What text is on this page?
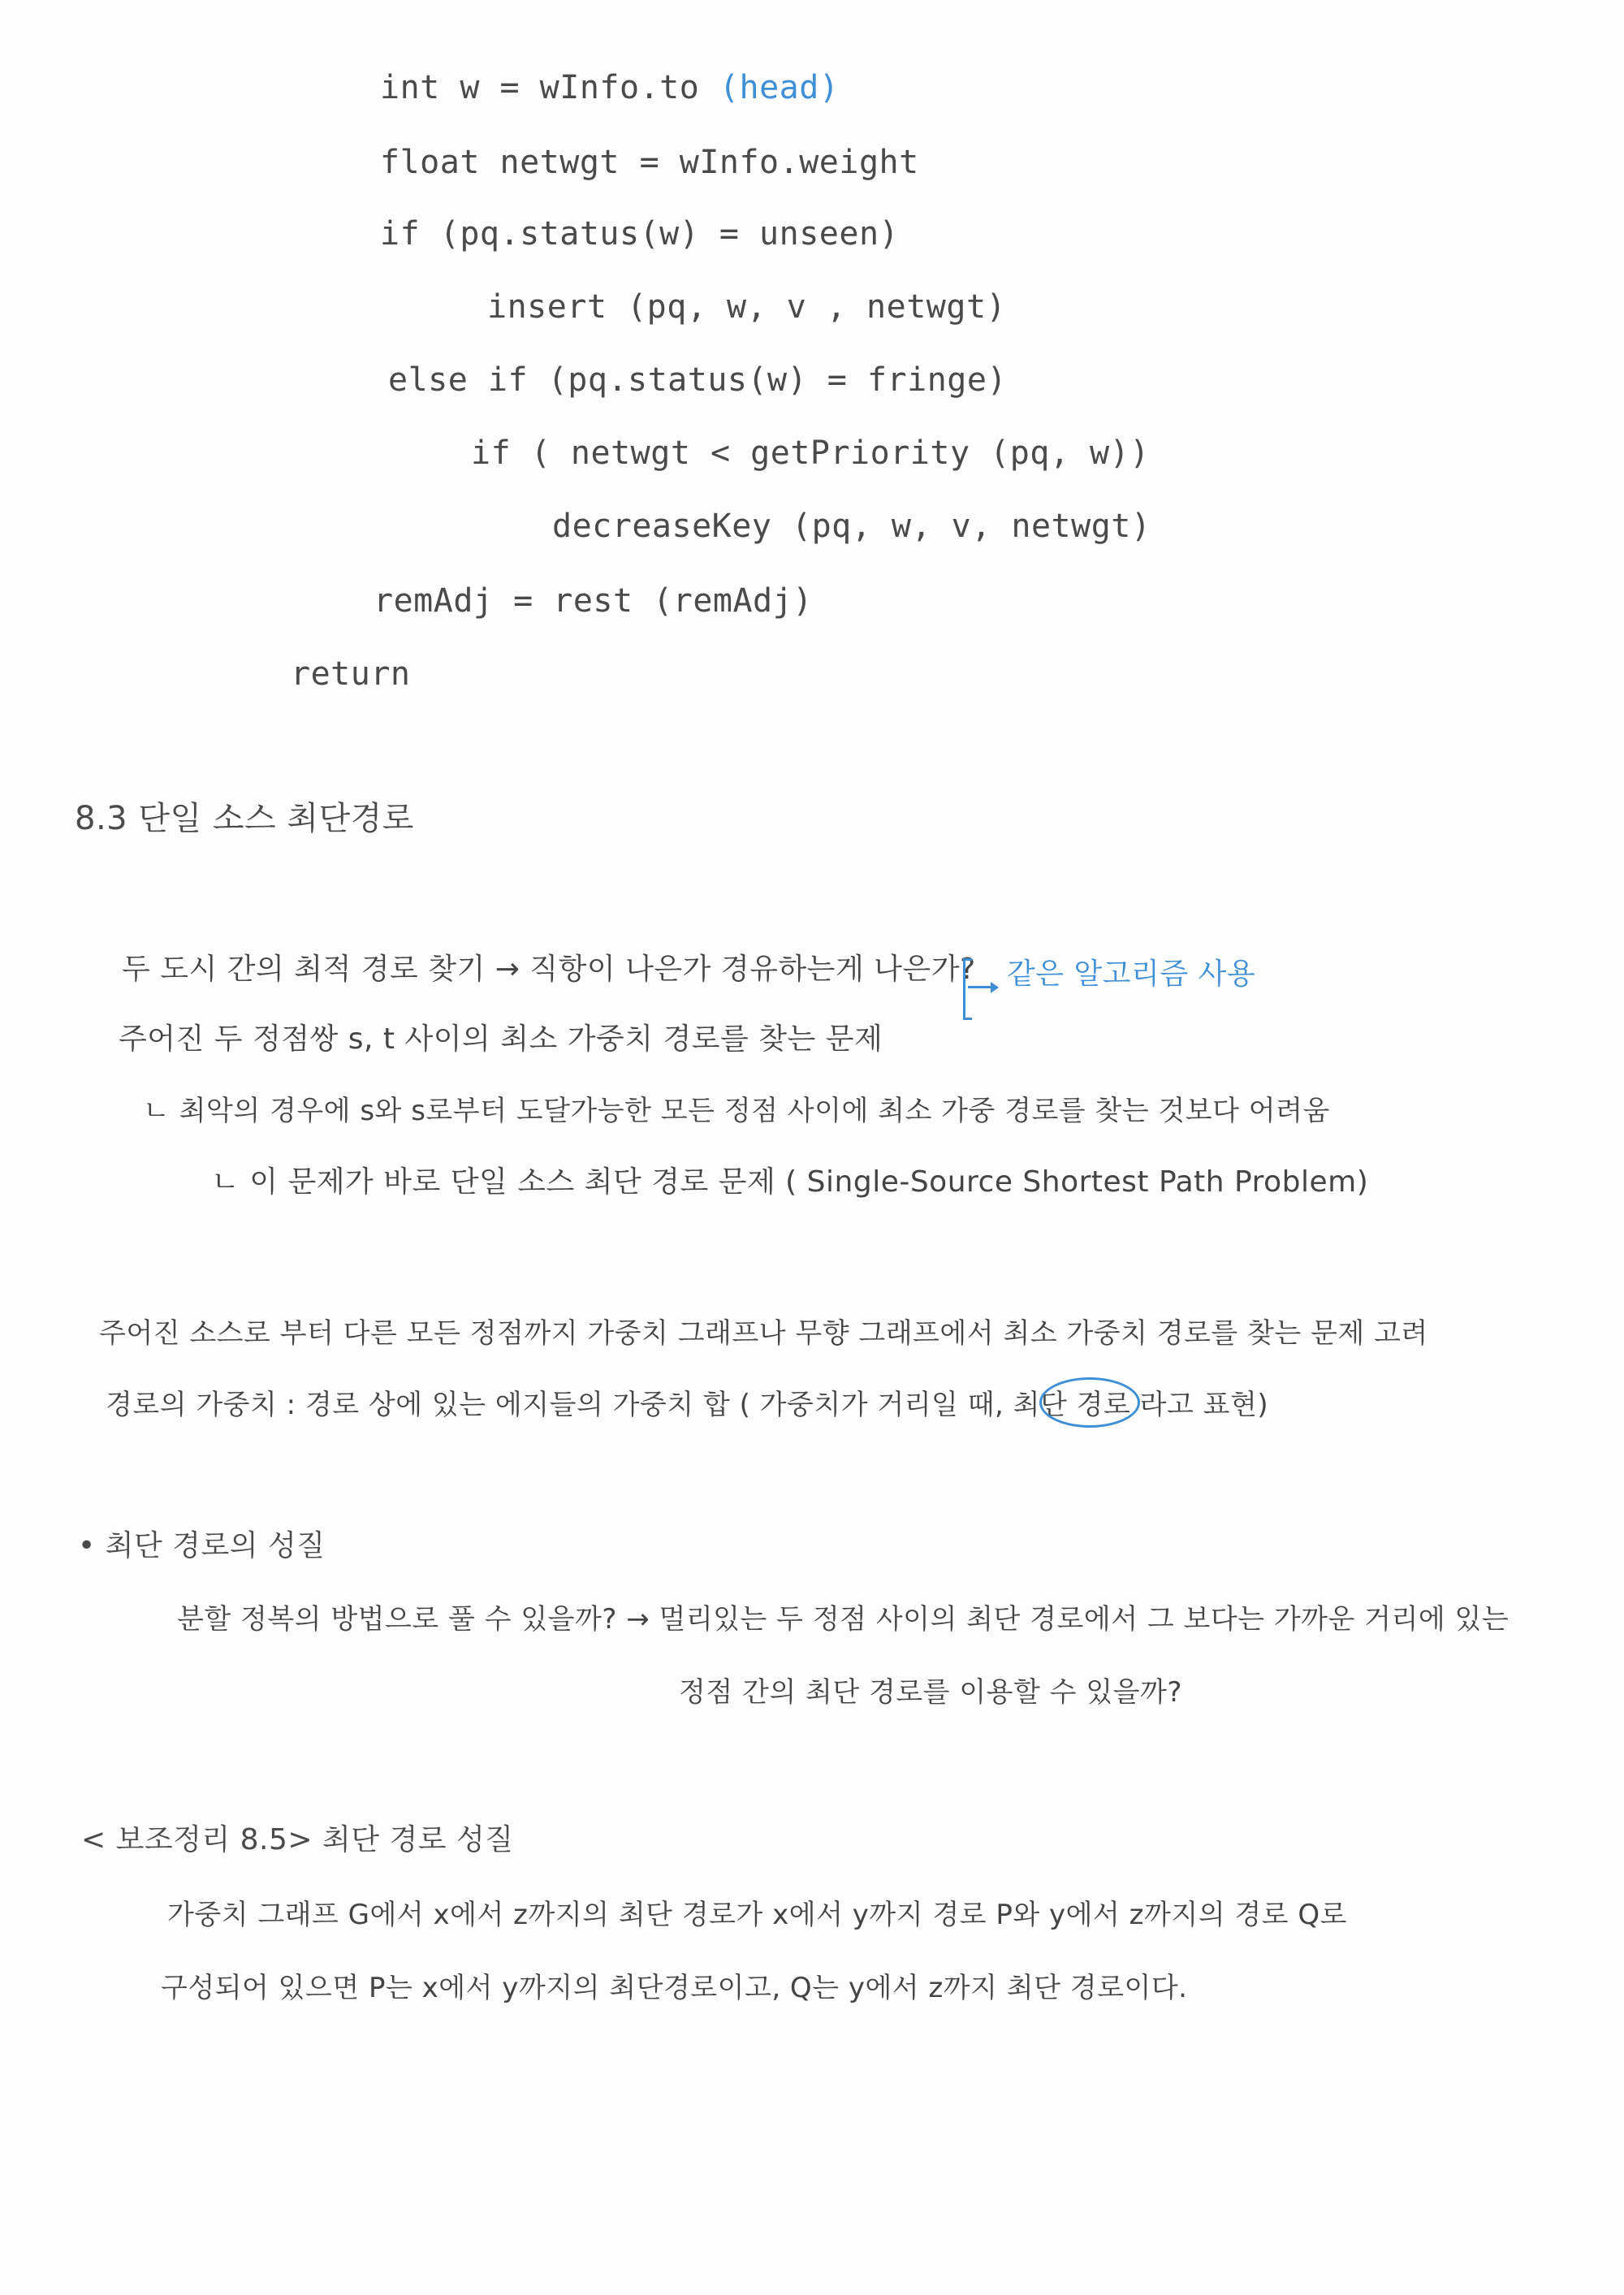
int w = wInfo.to (head)
float netwgt = wInfo.weight
if (pq.status(w) = unseen)
insert (pq, w, v , netwgt)
else if (pq.status(w) = fringe)
if ( netwgt < getPriority (pq, w))
decreaseKey (pq, w, v, netwgt)
remAdj = rest (remAdj)
return
8.3 단일 소스 최단경로
두 도시 간의 최적 경로 찾기 → 직항이 나은가 경유하는게 나은가? 같은 알고리즘 사용
주어진 두 정점쌍 s, t 사이의 최소 가중치 경로를 찾는 문제
ㄴ 최악의 경우에 s와 s로부터 도달가능한 모든 정점 사이에 최소 가중 경로를 찾는 것보다 어려움
ㄴ 이 문제가 바로 단일 소스 최단 경로 문제 ( Single-Source Shortest Path Problem)
주어진 소스로 부터 다른 모든 정점까지 가중치 그래프나 무향 그래프에서 최소 가중치 경로를 찾는 문제 고려
경로의 가중치 : 경로 상에 있는 에지들의 가중치 합 ( 가중치가 거리일 때, 최단 경로 라고 표현)
• 최단 경로의 성질
분할 정복의 방법으로 풀 수 있을까? → 멀리있는 두 정점 사이의 최단 경로에서 그 보다는 가까운 거리에 있는
정점 간의 최단 경로를 이용할 수 있을까?
< 보조정리 8.5> 최단 경로 성질
가중치 그래프 G에서 x에서 z까지의 최단 경로가 x에서 y까지 경로 P와 y에서 z까지의 경로 Q로
구성되어 있으면 P는 x에서 y까지의 최단경로이고, Q는 y에서 z까지 최단 경로이다.
